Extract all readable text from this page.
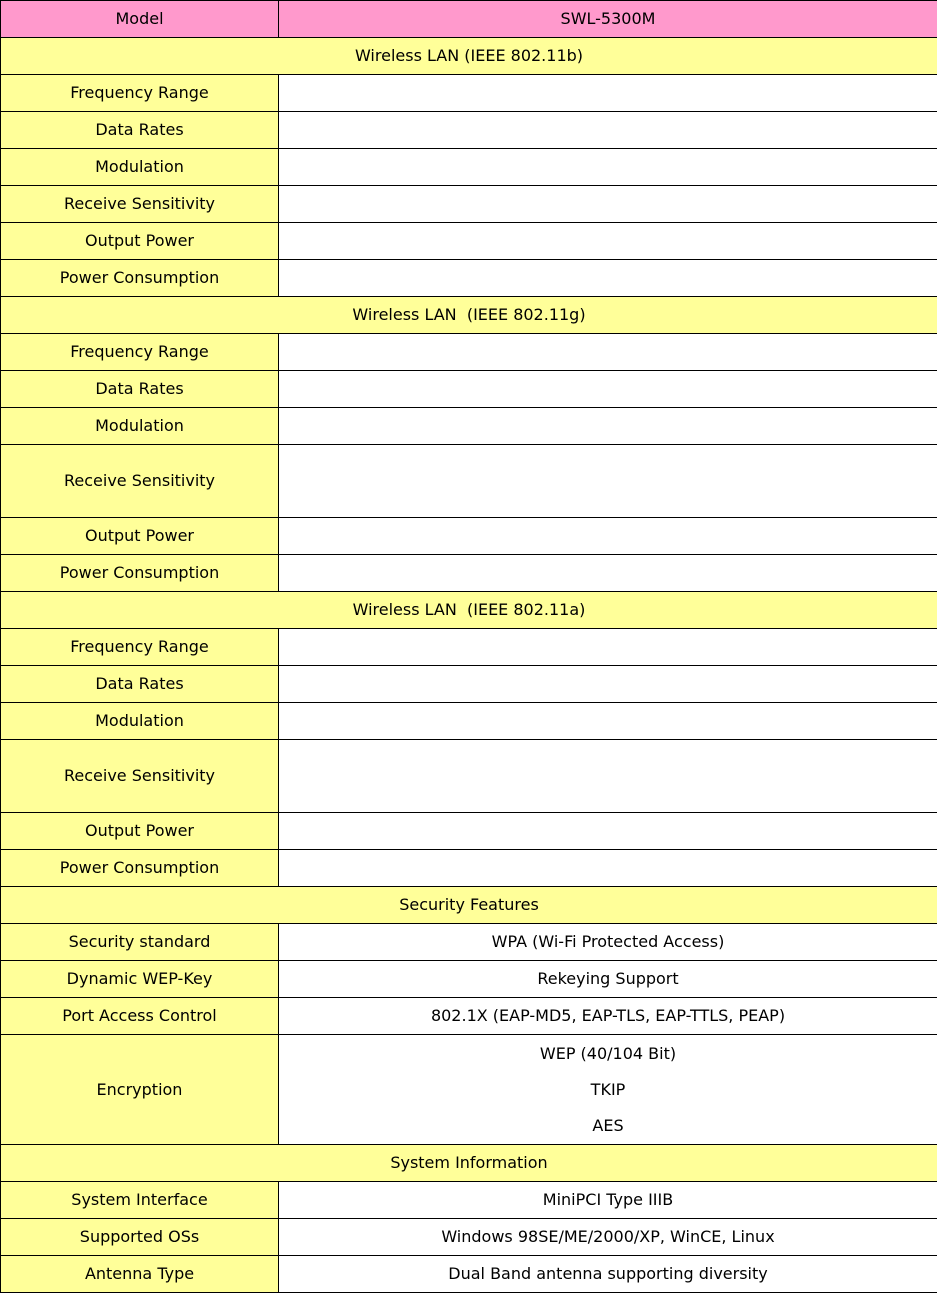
Model	SWL-5300M
Wireless LAN (IEEE 802.11b)	
Frequency Range	
Data Rates	
Modulation	
Receive Sensitivity	
Output Power	
Power Consumption	
Wireless LAN  (IEEE 802.11g)	
Frequency Range	
Data Rates	
Modulation	
Receive Sensitivity	
Output Power	
Power Consumption	
Wireless LAN  (IEEE 802.11a)	
Frequency Range	
Data Rates	
Modulation	
Receive Sensitivity	
Output Power	
Power Consumption	
Security Features	
Security standard	WPA (Wi-Fi Protected Access)
Dynamic WEP-Key	Rekeying Support
Port Access Control	802.1X (EAP-MD5, EAP-TLS, EAP-TTLS, PEAP)
Encryption	WEP (40/104 Bit)
TKIP
AES

System Information	
System Interface	MiniPCI Type IIIB
Supported OSs	Windows 98SE/ME/2000/XP, WinCE, Linux
Antenna Type	Dual Band antenna supporting diversity
